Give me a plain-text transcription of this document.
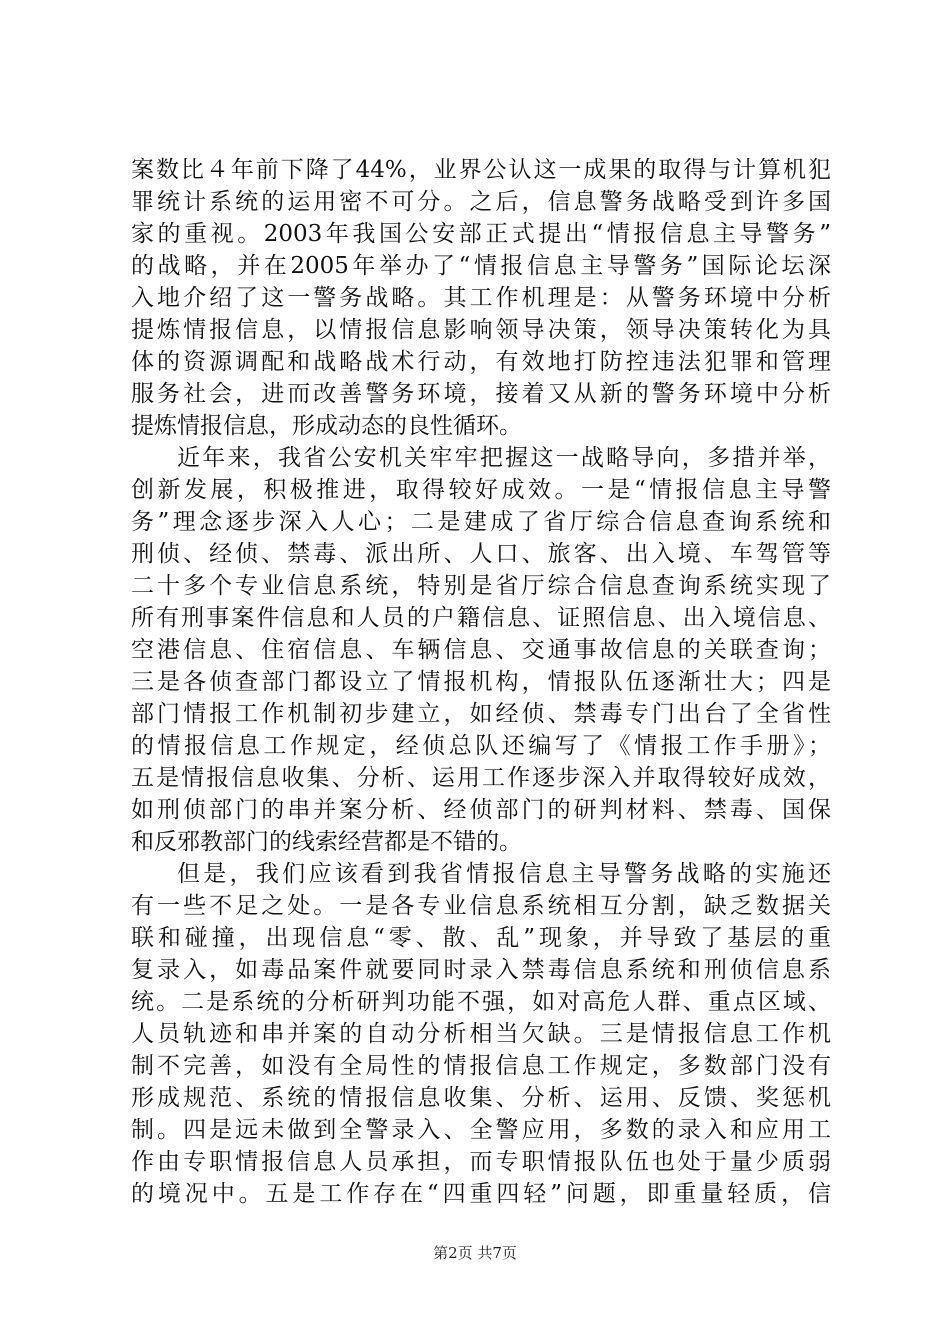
案数比４年前下降了44%，业界公认这一成果的取得与计算机犯
罪统计系统的运用密不可分。之后，信息警务战略受到许多国
家的重视。2003年我国公安部正式提出“情报信息主导警务”
的战略，并在2005年举办了“情报信息主导警务”国际论坛深
入地介绍了这一警务战略。其工作机理是：从警务环境中分析
提炼情报信息，以情报信息影响领导决策，领导决策转化为具
体的资源调配和战略战术行动，有效地打防控违法犯罪和管理
服务社会，进而改善警务环境，接着又从新的警务环境中分析
提炼情报信息，形成动态的良性循环。
近年来，我省公安机关牢牢把握这一战略导向，多措并举，
创新发展，积极推进，取得较好成效。一是“情报信息主导警
务”理念逐步深入人心；二是建成了省厅综合信息查询系统和
刑侦、经侦、禁毒、派出所、人口、旅客、出入境、车驾管等
二十多个专业信息系统，特别是省厅综合信息查询系统实现了
所有刑事案件信息和人员的户籍信息、证照信息、出入境信息、
空港信息、住宿信息、车辆信息、交通事故信息的关联查询；
三是各侦查部门都设立了情报机构，情报队伍逐渐壮大；四是
部门情报工作机制初步建立，如经侦、禁毒专门出台了全省性
的情报信息工作规定，经侦总队还编写了《情报工作手册》；
五是情报信息收集、分析、运用工作逐步深入并取得较好成效，
如刑侦部门的串并案分析、经侦部门的研判材料、禁毒、国保
和反邪教部门的线索经营都是不错的。
但是，我们应该看到我省情报信息主导警务战略的实施还
有一些不足之处。一是各专业信息系统相互分割，缺乏数据关
联和碰撞，出现信息“零、散、乱”现象，并导致了基层的重
复录入，如毒品案件就要同时录入禁毒信息系统和刑侦信息系
统。二是系统的分析研判功能不强，如对高危人群、重点区域、
人员轨迹和串并案的自动分析相当欠缺。三是情报信息工作机
制不完善，如没有全局性的情报信息工作规定，多数部门没有
形成规范、系统的情报信息收集、分析、运用、反馈、奖惩机
制。四是远未做到全警录入、全警应用，多数的录入和应用工
作由专职情报信息人员承担，而专职情报队伍也处于量少质弱
的境况中。五是工作存在“四重四轻”问题，即重量轻质，信
第2页 共7页
